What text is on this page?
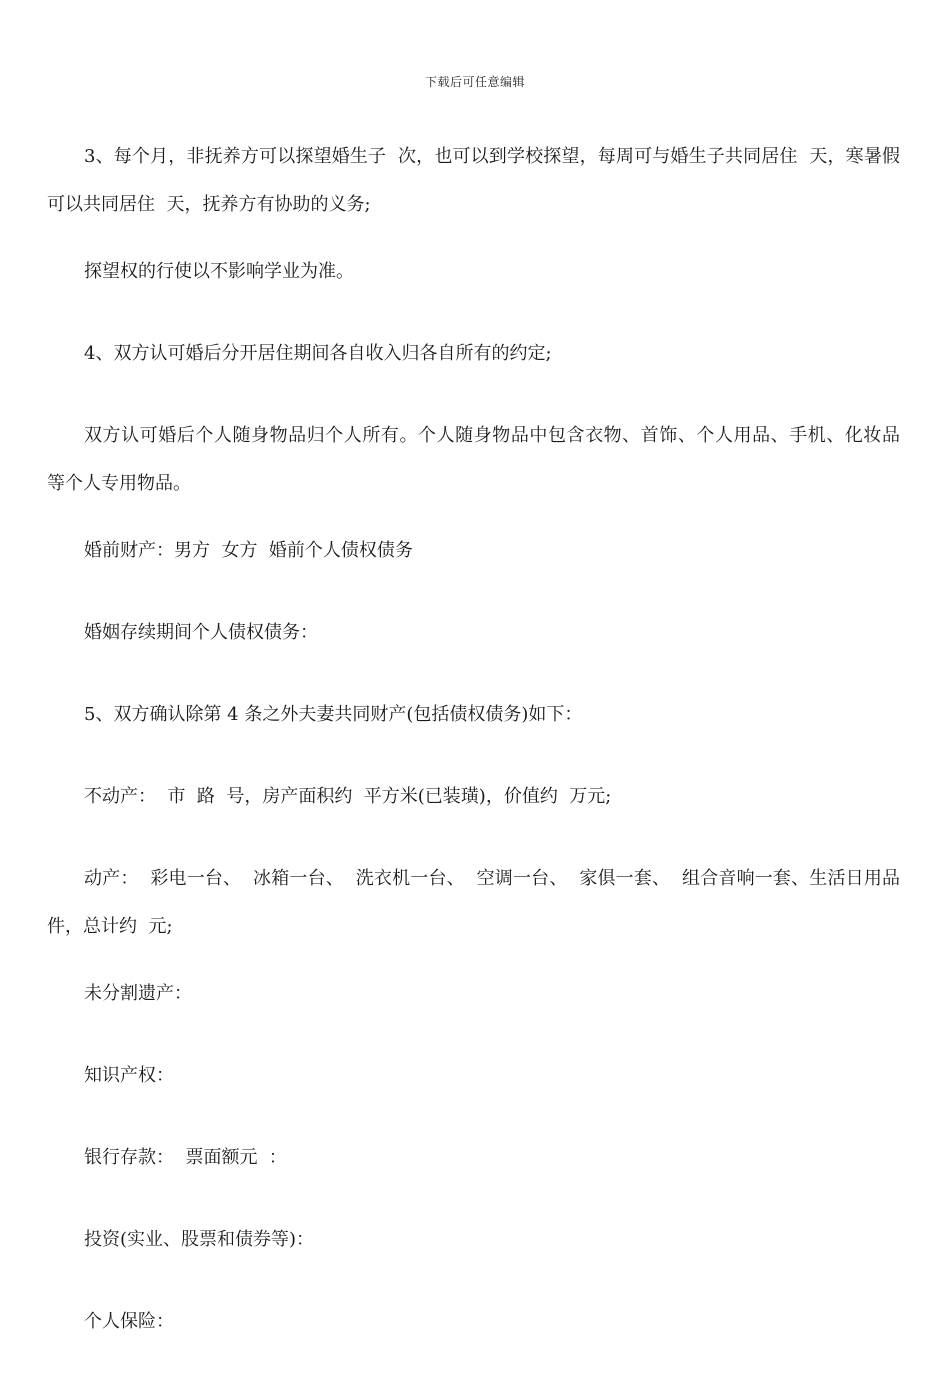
下载后可任意编辑

3、每个月，非抚养方可以探望婚生子  次，也可以到学校探望，每周可与婚生子共同居住  天，寒暑假可以共同居住  天，抚养方有协助的义务;

探望权的行使以不影响学业为准。

4、双方认可婚后分开居住期间各自收入归各自所有的约定;

双方认可婚后个人随身物品归个人所有。个人随身物品中包含衣物、首饰、个人用品、手机、化妆品  等个人专用物品。

婚前财产：男方  女方  婚前个人债权债务

婚姻存续期间个人债权债务：

5、双方确认除第 4 条之外夫妻共同财产(包括债权债务)如下：

不动产：  市  路  号，房产面积约  平方米(已装璜)，价值约  万元;

动产：  彩电一台、  冰箱一台、  洗衣机一台、  空调一台、  家俱一套、  组合音响一套、生活日用品  件，总计约  元;

未分割遗产：

知识产权：

银行存款：  票面额元  ：

投资(实业、股票和债券等)：

个人保险：
